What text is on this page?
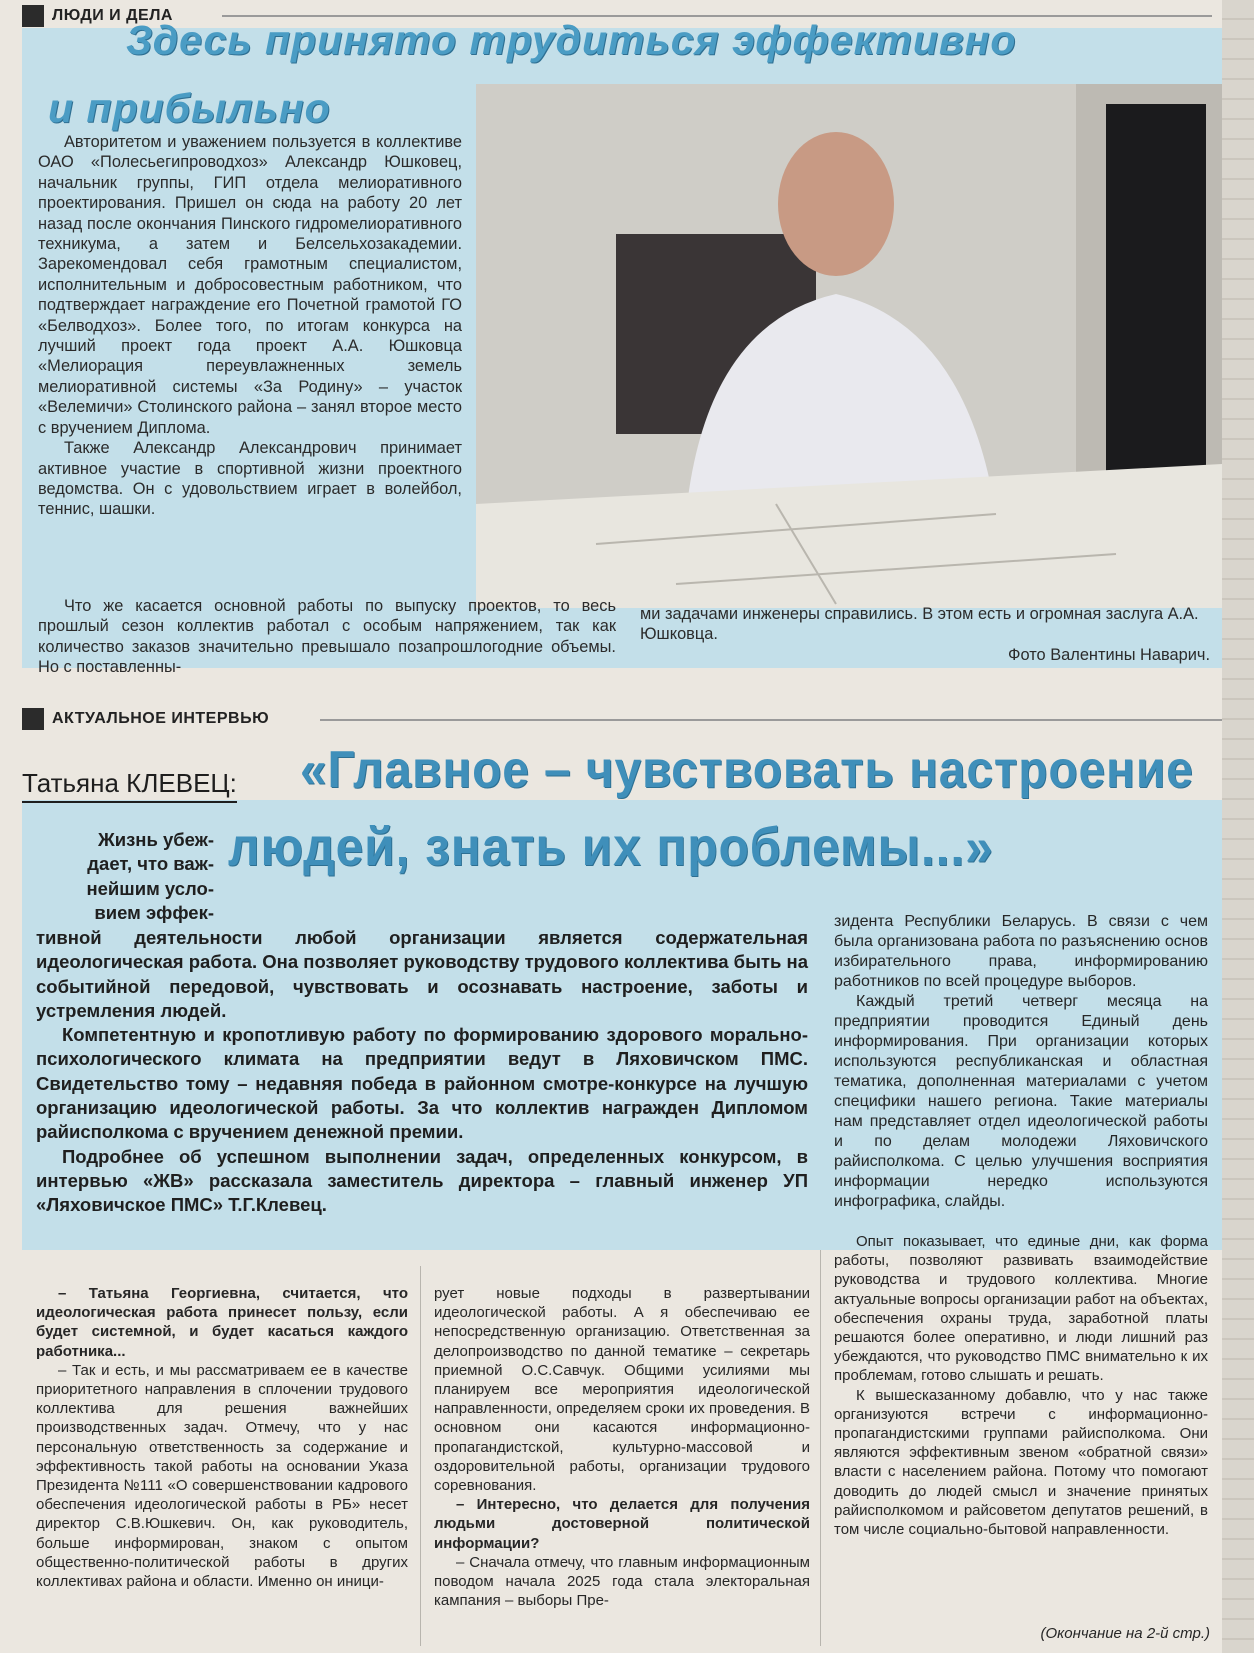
ЛЮДИ И ДЕЛА
Здесь принято трудиться эффективно
и прибыльно

Авторитетом и уважением пользуется в коллективе ОАО «Полесьегипроводхоз» Александр Юшковец, начальник группы, ГИП отдела мелиоративного проектирования. Пришел он сюда на работу 20 лет назад после окончания Пинского гидромелиоративного техникума, а затем и Белсельхозакадемии. Зарекомендовал себя грамотным специалистом, исполнительным и добросовестным работником, что подтверждает награждение его Почетной грамотой ГО «Белводхоз». Более того, по итогам конкурса на лучший проект года проект А.А. Юшковца «Мелиорация переувлажненных земель мелиоративной системы «За Родину» – участок «Велемичи» Столинского района – занял второе место с вручением Диплома.

Также Александр Александрович принимает активное участие в спортивной жизни проектного ведомства. Он с удовольствием играет в волейбол, теннис, шашки.

Что же касается основной работы по выпуску проектов, то весь прошлый сезон коллектив работал с особым напряжением, так как количество заказов значительно превышало позапрошлогодние объемы. Но с поставленны-

ми задачами инженеры справились. В этом есть и огромная заслуга А.А. Юшковца.
Фото Валентины Наварич.
АКТУАЛЬНОЕ ИНТЕРВЬЮ
Татьяна КЛЕВЕЦ: «Главное – чувствовать настроение
людей, знать их проблемы...»
Жизнь убеж-
дает, что важ-
нейшим усло-
вием эффек-

тивной деятельности любой организации является содержательная идеологическая работа. Она позволяет руководству трудового коллектива быть на событийной передовой, чувствовать и осознавать настроение, заботы и устремления людей.

Компетентную и кропотливую работу по формированию здорового морально-психологического климата на предприятии ведут в Ляховичском ПМС. Свидетельство тому – недавняя победа в районном смотре-конкурсе на лучшую организацию идеологической работы. За что коллектив награжден Дипломом райисполкома с вручением денежной премии.

Подробнее об успешном выполнении задач, определенных конкурсом, в интервью «ЖВ» рассказала заместитель директора – главный инженер УП «Ляховичское ПМС» Т.Г.Клевец.

зидента Республики Беларусь. В связи с чем была организована работа по разъяснению основ избирательного права, информированию работников по всей процедуре выборов.

Каждый третий четверг месяца на предприятии проводится Единый день информирования. При организации которых используются республиканская и областная тематика, дополненная материалами с учетом специфики нашего региона. Такие материалы нам представляет отдел идеологической работы и по делам молодежи Ляховичского райисполкома. С целью улучшения восприятия информации нередко используются инфографика, слайды.

– Татьяна Георгиевна, считается, что идеологическая работа принесет пользу, если будет системной, и будет касаться каждого работника...

– Так и есть, и мы рассматриваем ее в качестве приоритетного направления в сплочении трудового коллектива для решения важнейших производственных задач. Отмечу, что у нас персональную ответственность за содержание и эффективность такой работы на основании Указа Президента №111 «О совершенствовании кадрового обеспечения идеологической работы в РБ» несет директор С.В.Юшкевич. Он, как руководитель, больше информирован, знаком с опытом общественно-политической работы в других коллективах района и области. Именно он иници-

рует новые подходы в развертывании идеологической работы. А я обеспечиваю ее непосредственную организацию. Ответственная за делопроизводство по данной тематике – секретарь приемной О.С.Савчук. Общими усилиями мы планируем все мероприятия идеологической направленности, определяем сроки их проведения. В основном они касаются информационно-пропагандистской, культурно-массовой и оздоровительной работы, организации трудового соревнования.

– Интересно, что делается для получения людьми достоверной политической информации?

– Сначала отмечу, что главным информационным поводом начала 2025 года стала электоральная кампания – выборы Пре-

Опыт показывает, что единые дни, как форма работы, позволяют развивать взаимодействие руководства и трудового коллектива. Многие актуальные вопросы организации работ на объектах, обеспечения охраны труда, заработной платы решаются более оперативно, и люди лишний раз убеждаются, что руководство ПМС внимательно к их проблемам, готово слышать и решать.

К вышесказанному добавлю, что у нас также организуются встречи с информационно-пропагандистскими группами райисполкома. Они являются эффективным звеном «обратной связи» власти с населением района. Потому что помогают доводить до людей смысл и значение принятых райисполкомом и райсоветом депутатов решений, в том числе социально-бытовой направленности.

(Окончание на 2-й стр.)
